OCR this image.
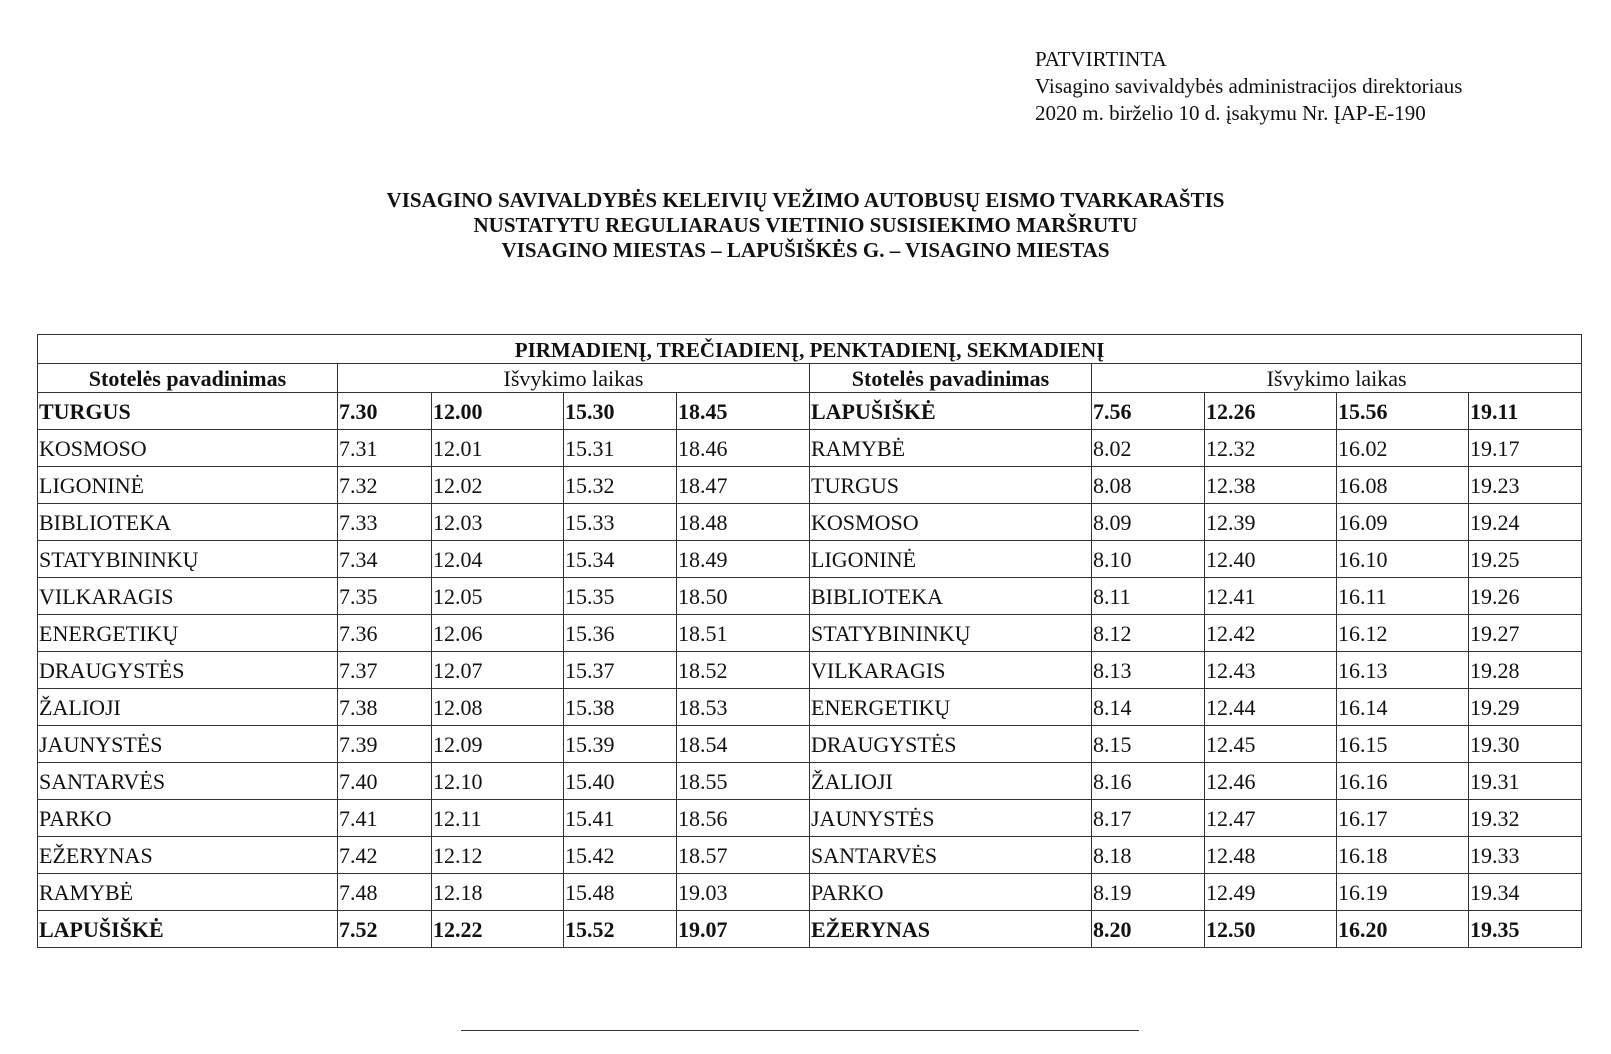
PATVIRTINTA
Visagino savivaldybės administracijos direktoriaus
2020 m. birželio 10 d. įsakymu Nr. ĮAP-E-190
VISAGINO SAVIVALDYBĖS KELEIVIŲ VEŽIMO AUTOBUSŲ EISMO TVARKARAŠTIS
NUSTATYTU REGULIARAUS VIETINIO SUSISIEKIMO MARŠRUTU
VISAGINO MIESTAS – LAPUŠIŠKĖS G. – VISAGINO MIESTAS
PIRMADIENĮ, TREČIADIENĮ, PENKTADIENĮ, SEKMADIENĮ									
Stotelės pavadinimas	Išvykimo laikas				Stotelės pavadinimas	Išvykimo laikas			
TURGUS	7.30	12.00	15.30	18.45	LAPUŠIŠKĖ	7.56	12.26	15.56	19.11
KOSMOSO	7.31	12.01	15.31	18.46	RAMYBĖ	8.02	12.32	16.02	19.17
LIGONINĖ	7.32	12.02	15.32	18.47	TURGUS	8.08	12.38	16.08	19.23
BIBLIOTEKA	7.33	12.03	15.33	18.48	KOSMOSO	8.09	12.39	16.09	19.24
STATYBININKŲ	7.34	12.04	15.34	18.49	LIGONINĖ	8.10	12.40	16.10	19.25
VILKARAGIS	7.35	12.05	15.35	18.50	BIBLIOTEKA	8.11	12.41	16.11	19.26
ENERGETIKŲ	7.36	12.06	15.36	18.51	STATYBININKŲ	8.12	12.42	16.12	19.27
DRAUGYSTĖS	7.37	12.07	15.37	18.52	VILKARAGIS	8.13	12.43	16.13	19.28
ŽALIOJI	7.38	12.08	15.38	18.53	ENERGETIKŲ	8.14	12.44	16.14	19.29
JAUNYSTĖS	7.39	12.09	15.39	18.54	DRAUGYSTĖS	8.15	12.45	16.15	19.30
SANTARVĖS	7.40	12.10	15.40	18.55	ŽALIOJI	8.16	12.46	16.16	19.31
PARKO	7.41	12.11	15.41	18.56	JAUNYSTĖS	8.17	12.47	16.17	19.32
EŽERYNAS	7.42	12.12	15.42	18.57	SANTARVĖS	8.18	12.48	16.18	19.33
RAMYBĖ	7.48	12.18	15.48	19.03	PARKO	8.19	12.49	16.19	19.34
LAPUŠIŠKĖ	7.52	12.22	15.52	19.07	EŽERYNAS	8.20	12.50	16.20	19.35
